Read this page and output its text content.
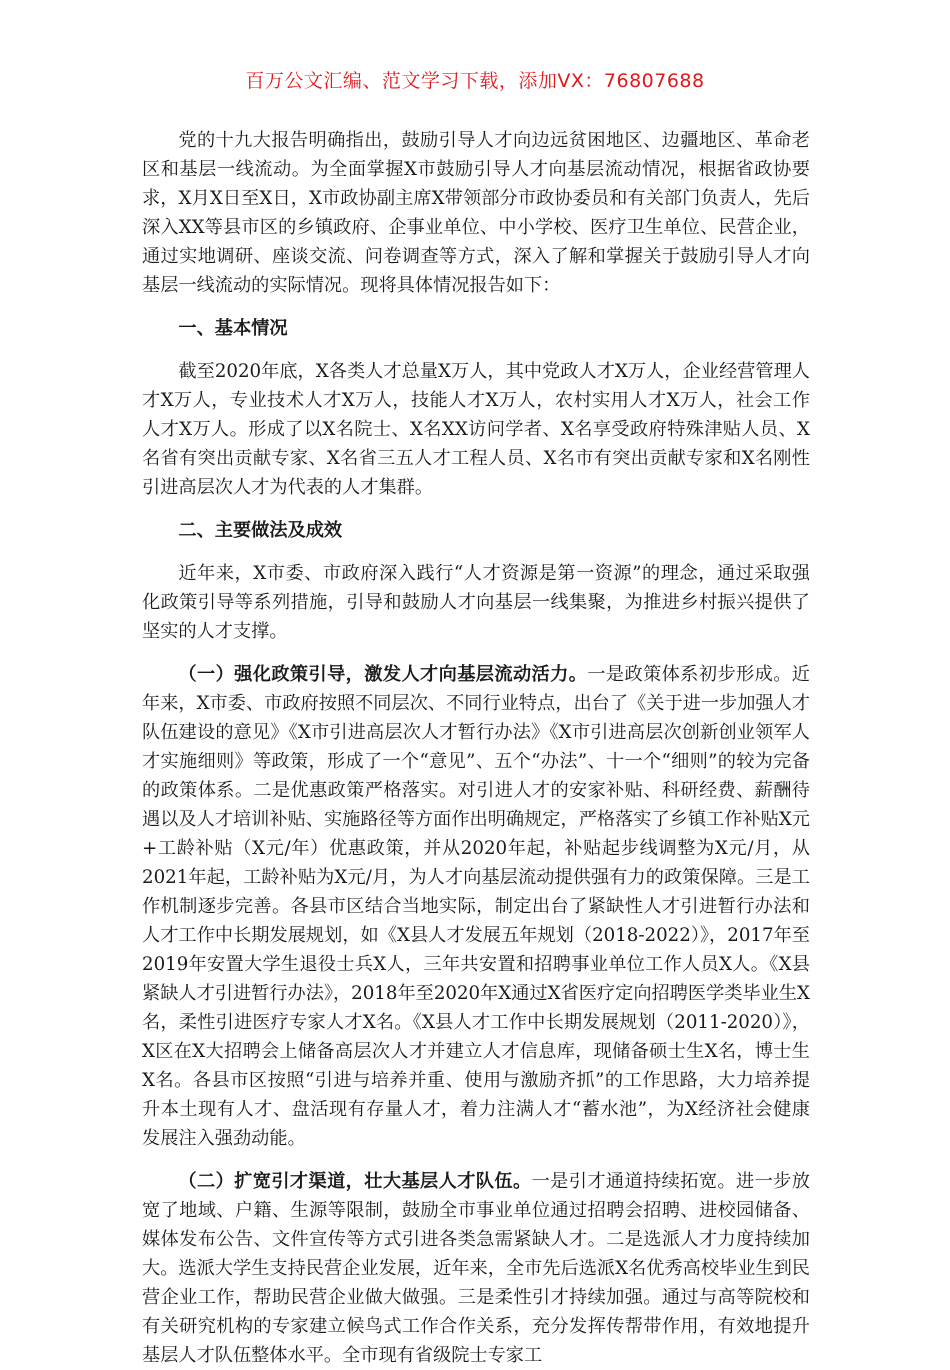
百万公文汇编、范文学习下载，添加VX：76807688

党的十九大报告明确指出，鼓励引导人才向边远贫困地区、边疆地区、革命老区和基层一线流动。为全面掌握X市鼓励引导人才向基层流动情况，根据省政协要求，X月X日至X日，X市政协副主席X带领部分市政协委员和有关部门负责人，先后深入XX等县市区的乡镇政府、企事业单位、中小学校、医疗卫生单位、民营企业，通过实地调研、座谈交流、问卷调查等方式，深入了解和掌握关于鼓励引导人才向基层一线流动的实际情况。现将具体情况报告如下：

一、基本情况

截至2020年底，X各类人才总量X万人，其中党政人才X万人，企业经营管理人才X万人，专业技术人才X万人，技能人才X万人，农村实用人才X万人，社会工作人才X万人。形成了以X名院士、X名XX访问学者、X名享受政府特殊津贴人员、X名省有突出贡献专家、X名省三五人才工程人员、X名市有突出贡献专家和X名刚性引进高层次人才为代表的人才集群。

二、主要做法及成效

近年来，X市委、市政府深入践行“人才资源是第一资源”的理念，通过采取强化政策引导等系列措施，引导和鼓励人才向基层一线集聚，为推进乡村振兴提供了坚实的人才支撑。

（一）强化政策引导，激发人才向基层流动活力。一是政策体系初步形成。近年来，X市委、市政府按照不同层次、不同行业特点，出台了《关于进一步加强人才队伍建设的意见》《X市引进高层次人才暂行办法》《X市引进高层次创新创业领军人才实施细则》等政策，形成了一个“意见”、五个“办法”、十一个“细则”的较为完备的政策体系。二是优惠政策严格落实。对引进人才的安家补贴、科研经费、薪酬待遇以及人才培训补贴、实施路径等方面作出明确规定，严格落实了乡镇工作补贴X元+工龄补贴（X元/年）优惠政策，并从2020年起，补贴起步线调整为X元/月，从2021年起，工龄补贴为X元/月，为人才向基层流动提供强有力的政策保障。三是工作机制逐步完善。各县市区结合当地实际，制定出台了紧缺性人才引进暂行办法和人才工作中长期发展规划，如《X县人才发展五年规划（2018-2022）》，2017年至2019年安置大学生退役士兵X人，三年共安置和招聘事业单位工作人员X人。《X县紧缺人才引进暂行办法》，2018年至2020年X通过X省医疗定向招聘医学类毕业生X名，柔性引进医疗专家人才X名。《X县人才工作中长期发展规划（2011-2020）》，X区在X大招聘会上储备高层次人才并建立人才信息库，现储备硕士生X名，博士生X名。各县市区按照“引进与培养并重、使用与激励齐抓”的工作思路，大力培养提升本土现有人才、盘活现有存量人才，着力注满人才“蓄水池”，为X经济社会健康发展注入强劲动能。

（二）扩宽引才渠道，壮大基层人才队伍。一是引才通道持续拓宽。进一步放宽了地域、户籍、生源等限制，鼓励全市事业单位通过招聘会招聘、进校园储备、媒体发布公告、文件宣传等方式引进各类急需紧缺人才。二是选派人才力度持续加大。选派大学生支持民营企业发展，近年来，全市先后选派X名优秀高校毕业生到民营企业工作，帮助民营企业做大做强。三是柔性引才持续加强。通过与高等院校和有关研究机构的专家建立候鸟式工作合作关系，充分发挥传帮带作用，有效地提升基层人才队伍整体水平。全市现有省级院士专家工
